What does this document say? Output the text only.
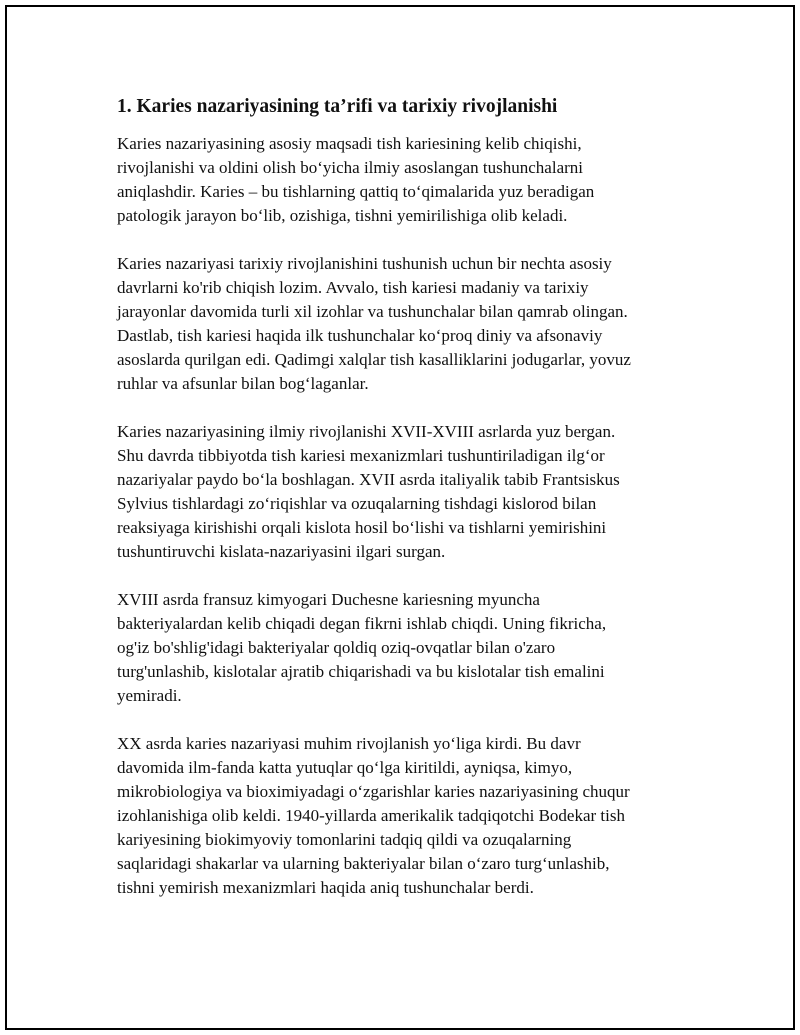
1. Karies nazariyasining ta’rifi va tarixiy rivojlanishi

Karies nazariyasining asosiy maqsadi tish kariesining kelib chiqishi,
rivojlanishi va oldini olish bo‘yicha ilmiy asoslangan tushunchalarni
aniqlashdir. Karies – bu tishlarning qattiq to‘qimalarida yuz beradigan
patologik jarayon bo‘lib, ozishiga, tishni yemirilishiga olib keladi.

Karies nazariyasi tarixiy rivojlanishini tushunish uchun bir nechta asosiy
davrlarni ko'rib chiqish lozim. Avvalo, tish kariesi madaniy va tarixiy
jarayonlar davomida turli xil izohlar va tushunchalar bilan qamrab olingan.
Dastlab, tish kariesi haqida ilk tushunchalar ko‘proq diniy va afsonaviy
asoslarda qurilgan edi. Qadimgi xalqlar tish kasalliklarini jodugarlar, yovuz
ruhlar va afsunlar bilan bog‘laganlar.

Karies nazariyasining ilmiy rivojlanishi XVII-XVIII asrlarda yuz bergan.
Shu davrda tibbiyotda tish kariesi mexanizmlari tushuntiriladigan ilg‘or
nazariyalar paydo bo‘la boshlagan. XVII asrda italiyalik tabib Frantsiskus
Sylvius tishlardagi zo‘riqishlar va ozuqalarning tishdagi kislorod bilan
reaksiyaga kirishishi orqali kislota hosil bo‘lishi va tishlarni yemirishini
tushuntiruvchi kislata-nazariyasini ilgari surgan.

XVIII asrda fransuz kimyogari Duchesne kariesning myuncha
bakteriyalardan kelib chiqadi degan fikrni ishlab chiqdi. Uning fikricha,
og'iz bo'shlig'idagi bakteriyalar qoldiq oziq-ovqatlar bilan o'zaro
turg'unlashib, kislotalar ajratib chiqarishadi va bu kislotalar tish emalini
yemiradi.

XX asrda karies nazariyasi muhim rivojlanish yo‘liga kirdi. Bu davr
davomida ilm-fanda katta yutuqlar qo‘lga kiritildi, ayniqsa, kimyo,
mikrobiologiya va bioximiyadagi o‘zgarishlar karies nazariyasining chuqur
izohlanishiga olib keldi. 1940-yillarda amerikalik tadqiqotchi Bodekar tish
kariyesining biokimyoviy tomonlarini tadqiq qildi va ozuqalarning
saqlaridagi shakarlar va ularning bakteriyalar bilan o‘zaro turg‘unlashib,
tishni yemirish mexanizmlari haqida aniq tushunchalar berdi.
